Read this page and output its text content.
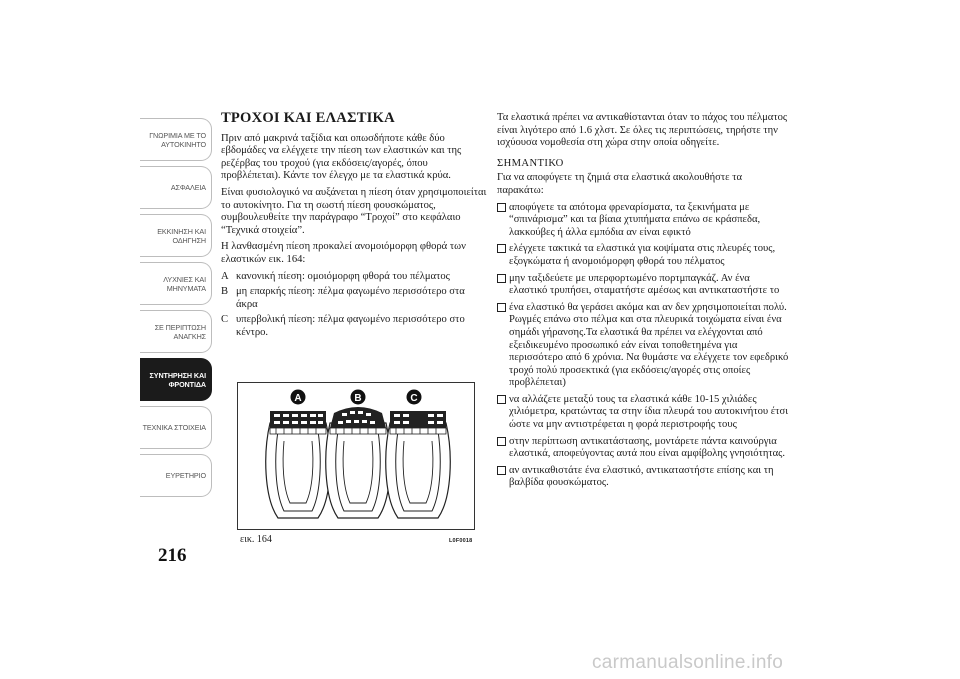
ΓΝΩΡΙΜΙΑ ΜΕ ΤΟ ΑΥΤΟΚΙΝΗΤΟ
ΑΣΦΑΛΕΙΑ
ΕΚΚΙΝΗΣΗ ΚΑΙ ΟΔΗΓΗΣΗ
ΛΥΧΝΙΕΣ ΚΑΙ ΜΗΝΥΜΑΤΑ
ΣΕ ΠΕΡΙΠΤΩΣΗ ΑΝΑΓΚΗΣ
ΣΥΝΤΗΡΗΣΗ ΚΑΙ ΦΡΟΝΤΙΔΑ
ΤΕΧΝΙΚΑ ΣΤΟΙΧΕΙΑ
ΕΥΡΕΤΗΡΙΟ
216
ΤΡΟΧΟΙ ΚΑΙ ΕΛΑΣΤΙΚΑ

Πριν από μακρινά ταξίδια και οπωσδήποτε κάθε δύο εβδομάδες να ελέγχετε την πίεση των ελαστικών και της ρεζέρβας του τροχού (για εκδόσεις/αγορές, όπου προβλέπεται). Κάντε τον έλεγχο με τα ελαστικά κρύα.

Είναι φυσιολογικό να αυξάνεται η πίεση όταν χρησιμοποιείται το αυτοκίνητο. Για τη σωστή πίεση φουσκώματος, συμβουλευθείτε την παράγραφο “Τροχοί” στο κεφάλαιο “Τεχνικά στοιχεία”.

Η λανθασμένη πίεση προκαλεί ανομοιόμορφη φθορά των ελαστικών εικ. 164:

A κανονική πίεση: ομοιόμορφη φθορά του πέλματος
B μη επαρκής πίεση: πέλμα φαγωμένο περισσότερο στα άκρα
C υπερβολική πίεση: πέλμα φαγωμένο περισσότερο στο κέντρο.
A	B	C
εικ. 164	L0F0018

Τα ελαστικά πρέπει να αντικαθίστανται όταν το πάχος του πέλματος είναι λιγότερο από 1.6 χλστ. Σε όλες τις περιπτώσεις, τηρήστε την ισχύουσα νομοθεσία στη χώρα στην οποία οδηγείτε.

ΣΗΜΑΝΤΙΚΟ

Για να αποφύγετε τη ζημιά στα ελαστικά ακολουθήστε τα παρακάτω:

αποφύγετε τα απότομα φρεναρίσματα, τα ξεκινήματα με “σπινάρισμα” και τα βίαια χτυπήματα επάνω σε κράσπεδα, λακκούβες ή άλλα εμπόδια αν είναι εφικτό
ελέγχετε τακτικά τα ελαστικά για κοψίματα στις πλευρές τους, εξογκώματα ή ανομοιόμορφη φθορά του πέλματος
μην ταξιδεύετε με υπερφορτωμένο πορτμπαγκάζ. Αν ένα ελαστικό τρυπήσει, σταματήστε αμέσως και αντικαταστήστε το
ένα ελαστικό θα γεράσει ακόμα και αν δεν χρησιμοποιείται πολύ. Ρωγμές επάνω στο πέλμα και στα πλευρικά τοιχώματα είναι ένα σημάδι γήρανσης.Τα ελαστικά θα πρέπει να ελέγχονται από εξειδικευμένο προσωπικό εάν είναι τοποθετημένα για περισσότερο από 6 χρόνια. Να θυμάστε να ελέγχετε τον εφεδρικό τροχό πολύ προσεκτικά (για εκδόσεις/αγορές στις οποίες προβλέπεται)
να αλλάζετε μεταξύ τους τα ελαστικά κάθε 10-15 χιλιάδες χιλιόμετρα, κρατώντας τα στην ίδια πλευρά του αυτοκινήτου έτσι ώστε να μην αντιστρέφεται η φορά περιστροφής τους
στην περίπτωση αντικατάστασης, μοντάρετε πάντα καινούργια ελαστικά, αποφεύγοντας αυτά που είναι αμφίβολης γνησιότητας.
αν αντικαθιστάτε ένα ελαστικό, αντικαταστήστε επίσης και τη βαλβίδα φουσκώματος.
carmanualsonline.info
